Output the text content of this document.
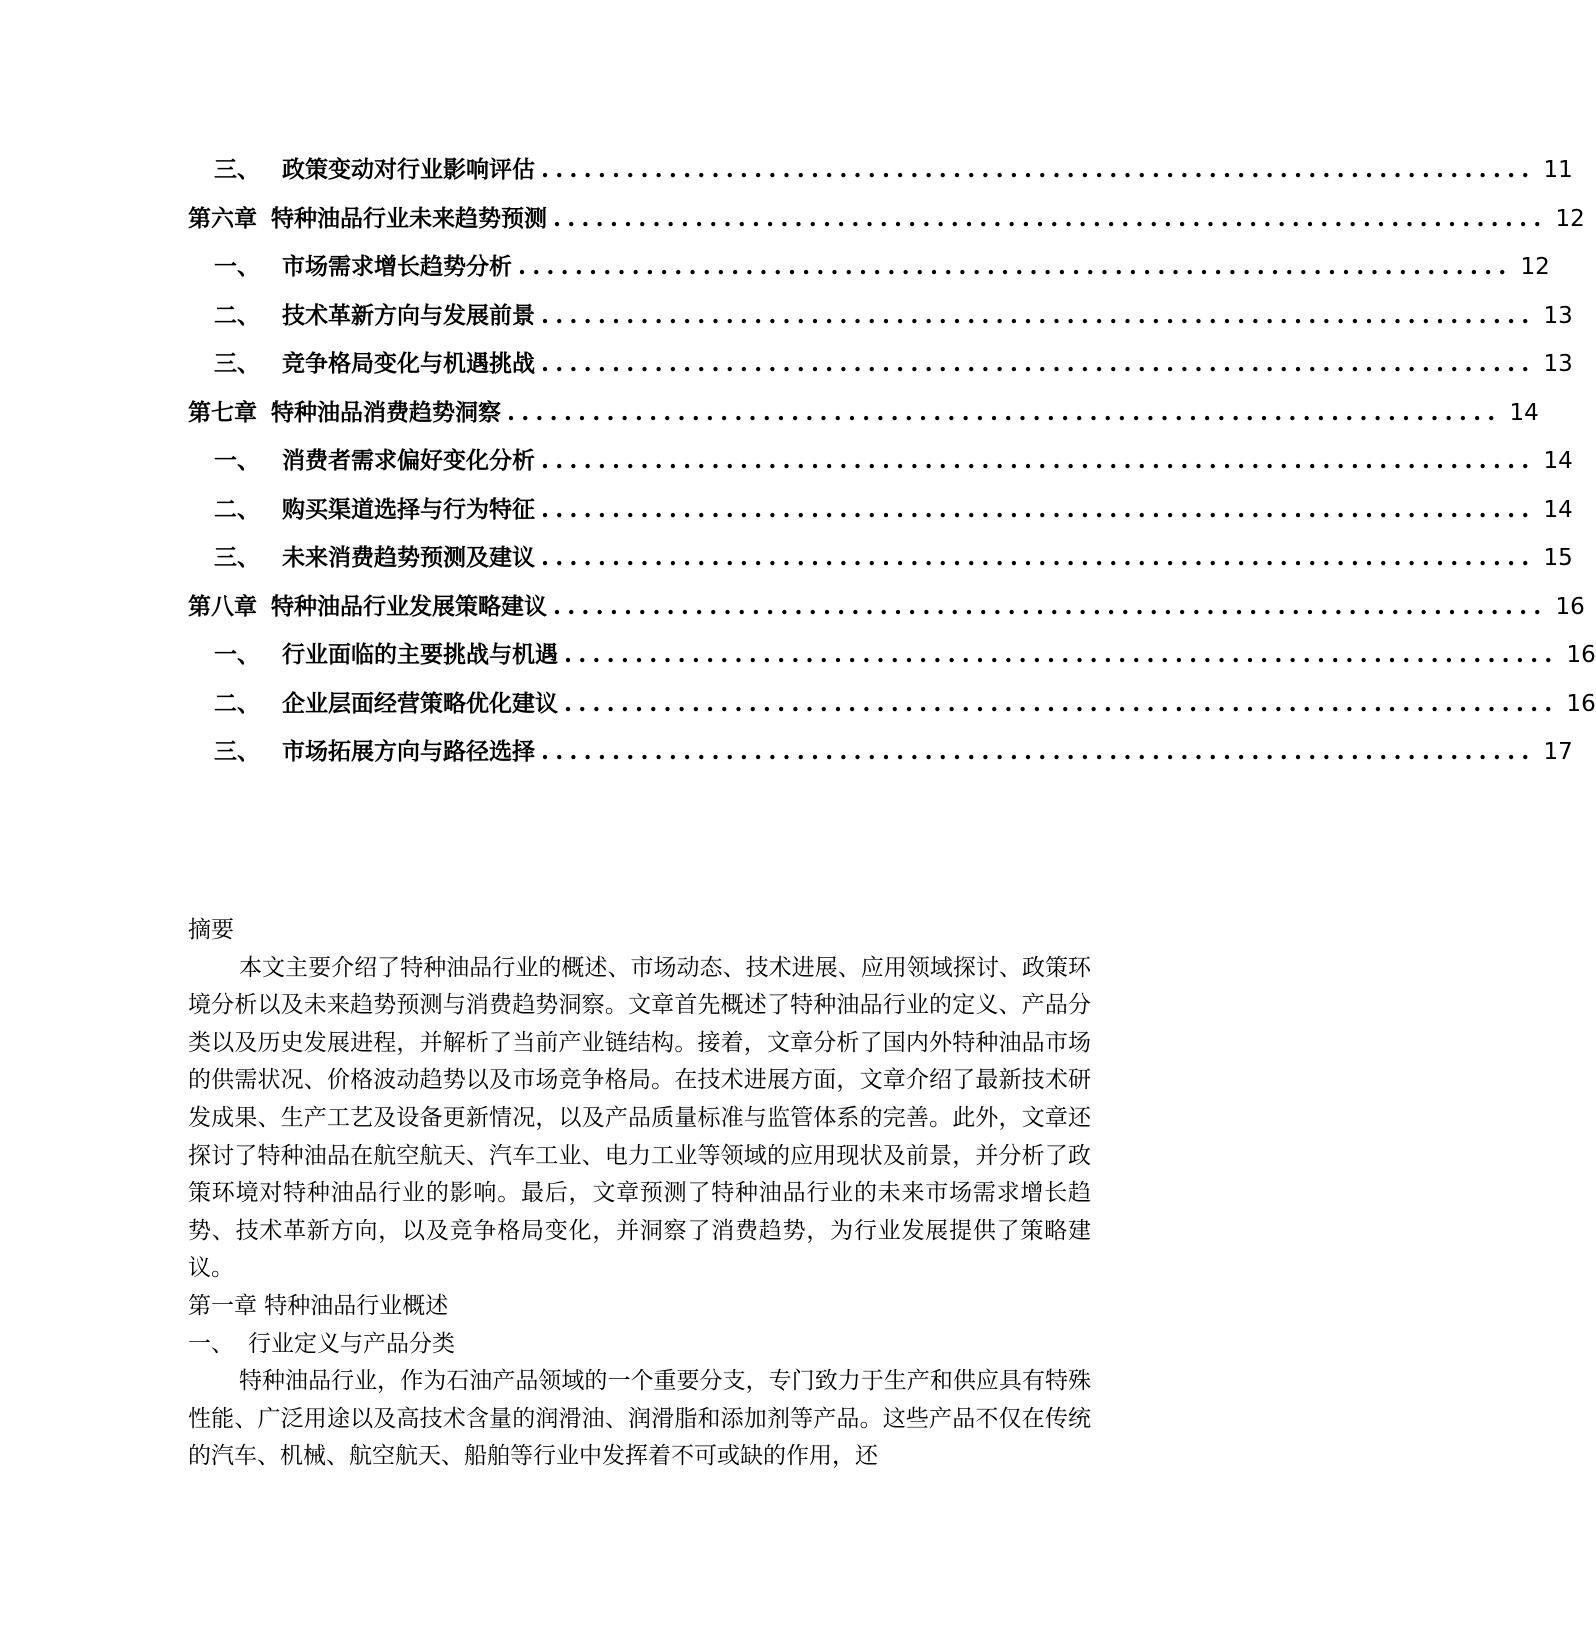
三、 政策变动对行业影响评估 ...................................................................... 11
第六章 特种油品行业未来趋势预测 ...................................................................... 12
一、 市场需求增长趋势分析 ...................................................................... 12
二、 技术革新方向与发展前景 ...................................................................... 13
三、 竞争格局变化与机遇挑战 ...................................................................... 13
第七章 特种油品消费趋势洞察 ...................................................................... 14
一、 消费者需求偏好变化分析 ...................................................................... 14
二、 购买渠道选择与行为特征 ...................................................................... 14
三、 未来消费趋势预测及建议 ...................................................................... 15
第八章 特种油品行业发展策略建议 ...................................................................... 16
一、 行业面临的主要挑战与机遇 ...................................................................... 16
二、 企业层面经营策略优化建议 ...................................................................... 16
三、 市场拓展方向与路径选择 ...................................................................... 17

摘要

本文主要介绍了特种油品行业的概述、市场动态、技术进展、应用领域探讨、政策环境分析以及未来趋势预测与消费趋势洞察。文章首先概述了特种油品行业的定义、产品分类以及历史发展进程，并解析了当前产业链结构。接着，文章分析了国内外特种油品市场的供需状况、价格波动趋势以及市场竞争格局。在技术进展方面，文章介绍了最新技术研发成果、生产工艺及设备更新情况，以及产品质量标准与监管体系的完善。此外，文章还探讨了特种油品在航空航天、汽车工业、电力工业等领域的应用现状及前景，并分析了政策环境对特种油品行业的影响。最后，文章预测了特种油品行业的未来市场需求增长趋势、技术革新方向，以及竞争格局变化，并洞察了消费趋势，为行业发展提供了策略建议。

第一章 特种油品行业概述

一、 行业定义与产品分类

特种油品行业，作为石油产品领域的一个重要分支，专门致力于生产和供应具有特殊性能、广泛用途以及高技术含量的润滑油、润滑脂和添加剂等产品。这些产品不仅在传统的汽车、机械、航空航天、船舶等行业中发挥着不可或缺的作用，还
